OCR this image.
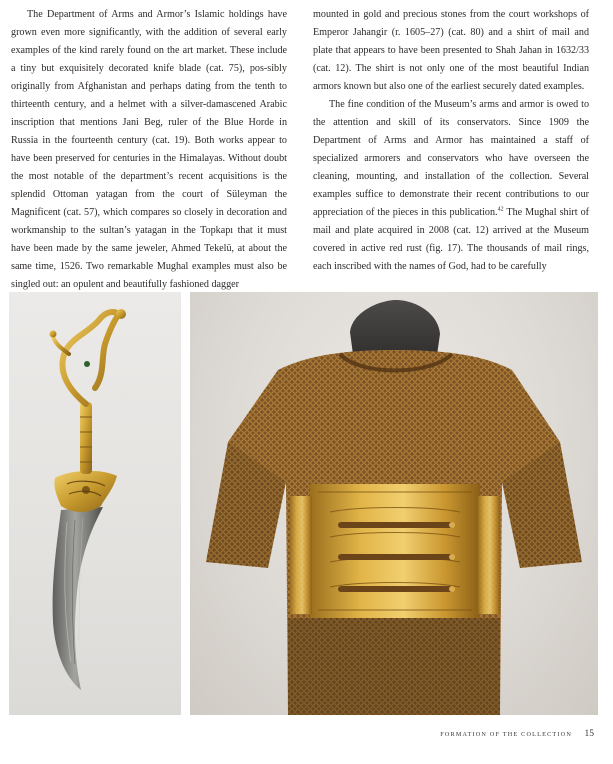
The Department of Arms and Armor’s Islamic holdings have grown even more significantly, with the addition of several early examples of the kind rarely found on the art market. These include a tiny but exquisitely decorated knife blade (cat. 75), pos-sibly originally from Afghanistan and perhaps dating from the tenth to thirteenth century, and a helmet with a silver-damascened Arabic inscription that mentions Jani Beg, ruler of the Blue Horde in Russia in the fourteenth century (cat. 19). Both works appear to have been preserved for centuries in the Himalayas. Without doubt the most notable of the department’s recent acquisitions is the splendid Ottoman yatagan from the court of Süleyman the Magnificent (cat. 57), which compares so closely in decoration and workmanship to the sultan’s yatagan in the Topkapı that it must have been made by the same jeweler, Ahmed Tekelü, at about the same time, 1526. Two remarkable Mughal examples must also be singled out: an opulent and beautifully fashioned dagger

mounted in gold and precious stones from the court workshops of Emperor Jahangir (r. 1605–27) (cat. 80) and a shirt of mail and plate that appears to have been presented to Shah Jahan in 1632/33 (cat. 12). The shirt is not only one of the most beautiful Indian armors known but also one of the earliest securely dated examples.

The fine condition of the Museum’s arms and armor is owed to the attention and skill of its conservators. Since 1909 the Department of Arms and Armor has maintained a staff of specialized armorers and conservators who have overseen the cleaning, mounting, and installation of the collection. Several examples suffice to demonstrate their recent contributions to our appreciation of the pieces in this publication.$^{42}$ The Mughal shirt of mail and plate acquired in 2008 (cat. 12) arrived at the Museum covered in active red rust (fig. 17). The thousands of mail rings, each inscribed with the names of God, had to be carefully

FORMATION OF THE COLLECTION 15
